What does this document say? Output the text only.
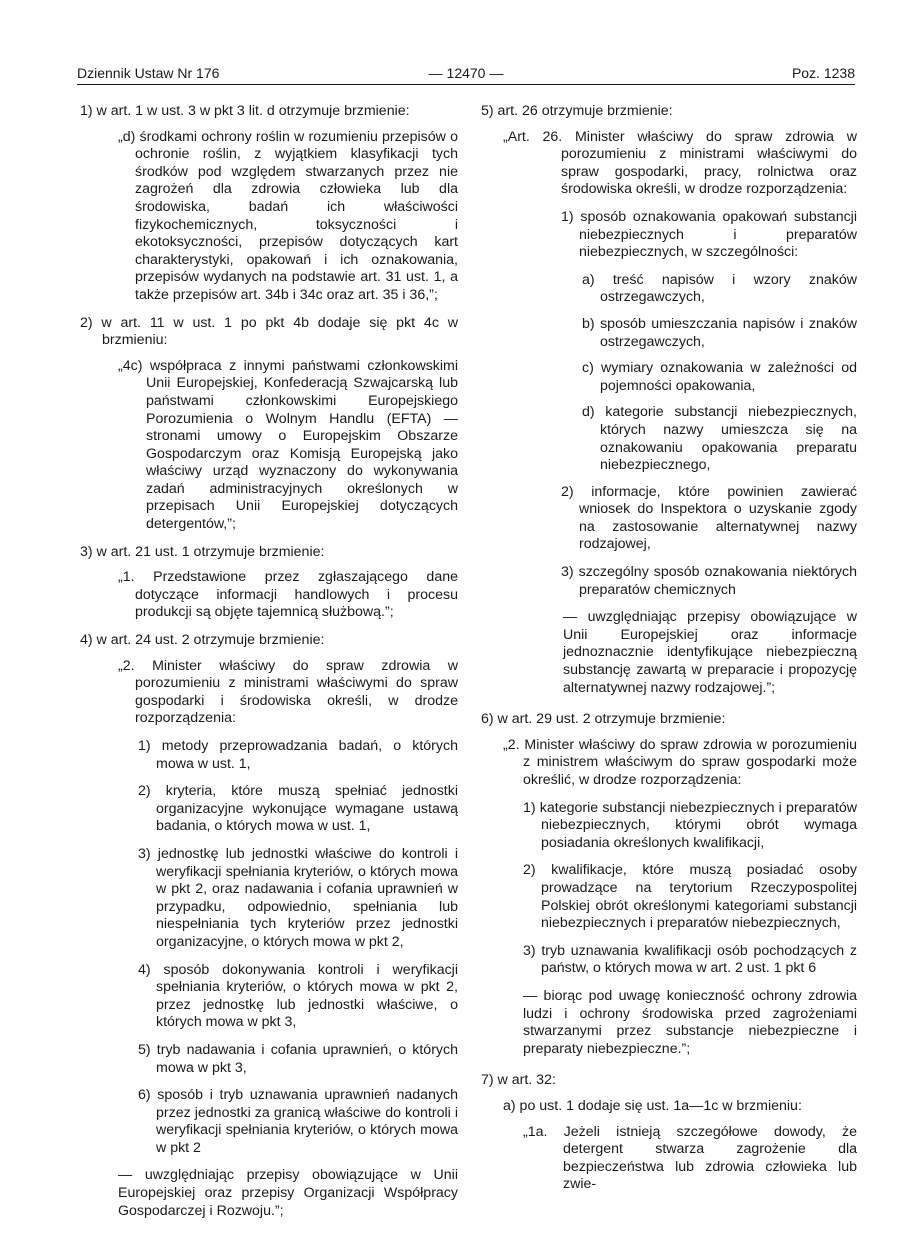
Dziennik Ustaw Nr 176	— 12470 —	Poz. 1238
1) w art. 1 w ust. 3 w pkt 3 lit. d otrzymuje brzmienie:
„d) środkami ochrony roślin w rozumieniu przepisów o ochronie roślin, z wyjątkiem klasyfikacji tych środków pod względem stwarzanych przez nie zagrożeń dla zdrowia człowieka lub dla środowiska, badań ich właściwości fizykochemicznych, toksyczności i ekotoksyczności, przepisów dotyczących kart charakterystyki, opakowań i ich oznakowania, przepisów wydanych na podstawie art. 31 ust. 1, a także przepisów art. 34b i 34c oraz art. 35 i 36,”;
2) w art. 11 w ust. 1 po pkt 4b dodaje się pkt 4c w brzmieniu:
„4c) współpraca z innymi państwami członkowskimi Unii Europejskiej, Konfederacją Szwajcarską lub państwami członkowskimi Europejskiego Porozumienia o Wolnym Handlu (EFTA) — stronami umowy o Europejskim Obszarze Gospodarczym oraz Komisją Europejską jako właściwy urząd wyznaczony do wykonywania zadań administracyjnych określonych w przepisach Unii Europejskiej dotyczących detergentów,”;
3) w art. 21 ust. 1 otrzymuje brzmienie:
„1. Przedstawione przez zgłaszającego dane dotyczące informacji handlowych i procesu produkcji są objęte tajemnicą służbową.”;
4) w art. 24 ust. 2 otrzymuje brzmienie:
„2. Minister właściwy do spraw zdrowia w porozumieniu z ministrami właściwymi do spraw gospodarki i środowiska określi, w drodze rozporządzenia:
1) metody przeprowadzania badań, o których mowa w ust. 1,
2) kryteria, które muszą spełniać jednostki organizacyjne wykonujące wymagane ustawą badania, o których mowa w ust. 1,
3) jednostkę lub jednostki właściwe do kontroli i weryfikacji spełniania kryteriów, o których mowa w pkt 2, oraz nadawania i cofania uprawnień w przypadku, odpowiednio, spełniania lub niespełniania tych kryteriów przez jednostki organizacyjne, o których mowa w pkt 2,
4) sposób dokonywania kontroli i weryfikacji spełniania kryteriów, o których mowa w pkt 2, przez jednostkę lub jednostki właściwe, o których mowa w pkt 3,
5) tryb nadawania i cofania uprawnień, o których mowa w pkt 3,
6) sposób i tryb uznawania uprawnień nadanych przez jednostki za granicą właściwe do kontroli i weryfikacji spełniania kryteriów, o których mowa w pkt 2
— uwzględniając przepisy obowiązujące w Unii Europejskiej oraz przepisy Organizacji Współpracy Gospodarczej i Rozwoju.”;
5) art. 26 otrzymuje brzmienie:
„Art. 26. Minister właściwy do spraw zdrowia w porozumieniu z ministrami właściwymi do spraw gospodarki, pracy, rolnictwa oraz środowiska określi, w drodze rozporządzenia:
1) sposób oznakowania opakowań substancji niebezpiecznych i preparatów niebezpiecznych, w szczególności:
a) treść napisów i wzory znaków ostrzegawczych,
b) sposób umieszczania napisów i znaków ostrzegawczych,
c) wymiary oznakowania w zależności od pojemności opakowania,
d) kategorie substancji niebezpiecznych, których nazwy umieszcza się na oznakowaniu opakowania preparatu niebezpiecznego,
2) informacje, które powinien zawierać wniosek do Inspektora o uzyskanie zgody na zastosowanie alternatywnej nazwy rodzajowej,
3) szczególny sposób oznakowania niektórych preparatów chemicznych
— uwzględniając przepisy obowiązujące w Unii Europejskiej oraz informacje jednoznacznie identyfikujące niebezpieczną substancję zawartą w preparacie i propozycję alternatywnej nazwy rodzajowej.”;
6) w art. 29 ust. 2 otrzymuje brzmienie:
„2. Minister właściwy do spraw zdrowia w porozumieniu z ministrem właściwym do spraw gospodarki może określić, w drodze rozporządzenia:
1) kategorie substancji niebezpiecznych i preparatów niebezpiecznych, którymi obrót wymaga posiadania określonych kwalifikacji,
2) kwalifikacje, które muszą posiadać osoby prowadzące na terytorium Rzeczypospolitej Polskiej obrót określonymi kategoriami substancji niebezpiecznych i preparatów niebezpiecznych,
3) tryb uznawania kwalifikacji osób pochodzących z państw, o których mowa w art. 2 ust. 1 pkt 6
— biorąc pod uwagę konieczność ochrony zdrowia ludzi i ochrony środowiska przed zagrożeniami stwarzanymi przez substancje niebezpieczne i preparaty niebezpieczne.”;
7) w art. 32:
a) po ust. 1 dodaje się ust. 1a—1c w brzmieniu:
„1a. Jeżeli istnieją szczegółowe dowody, że detergent stwarza zagrożenie dla bezpieczeństwa lub zdrowia człowieka lub zwie-
